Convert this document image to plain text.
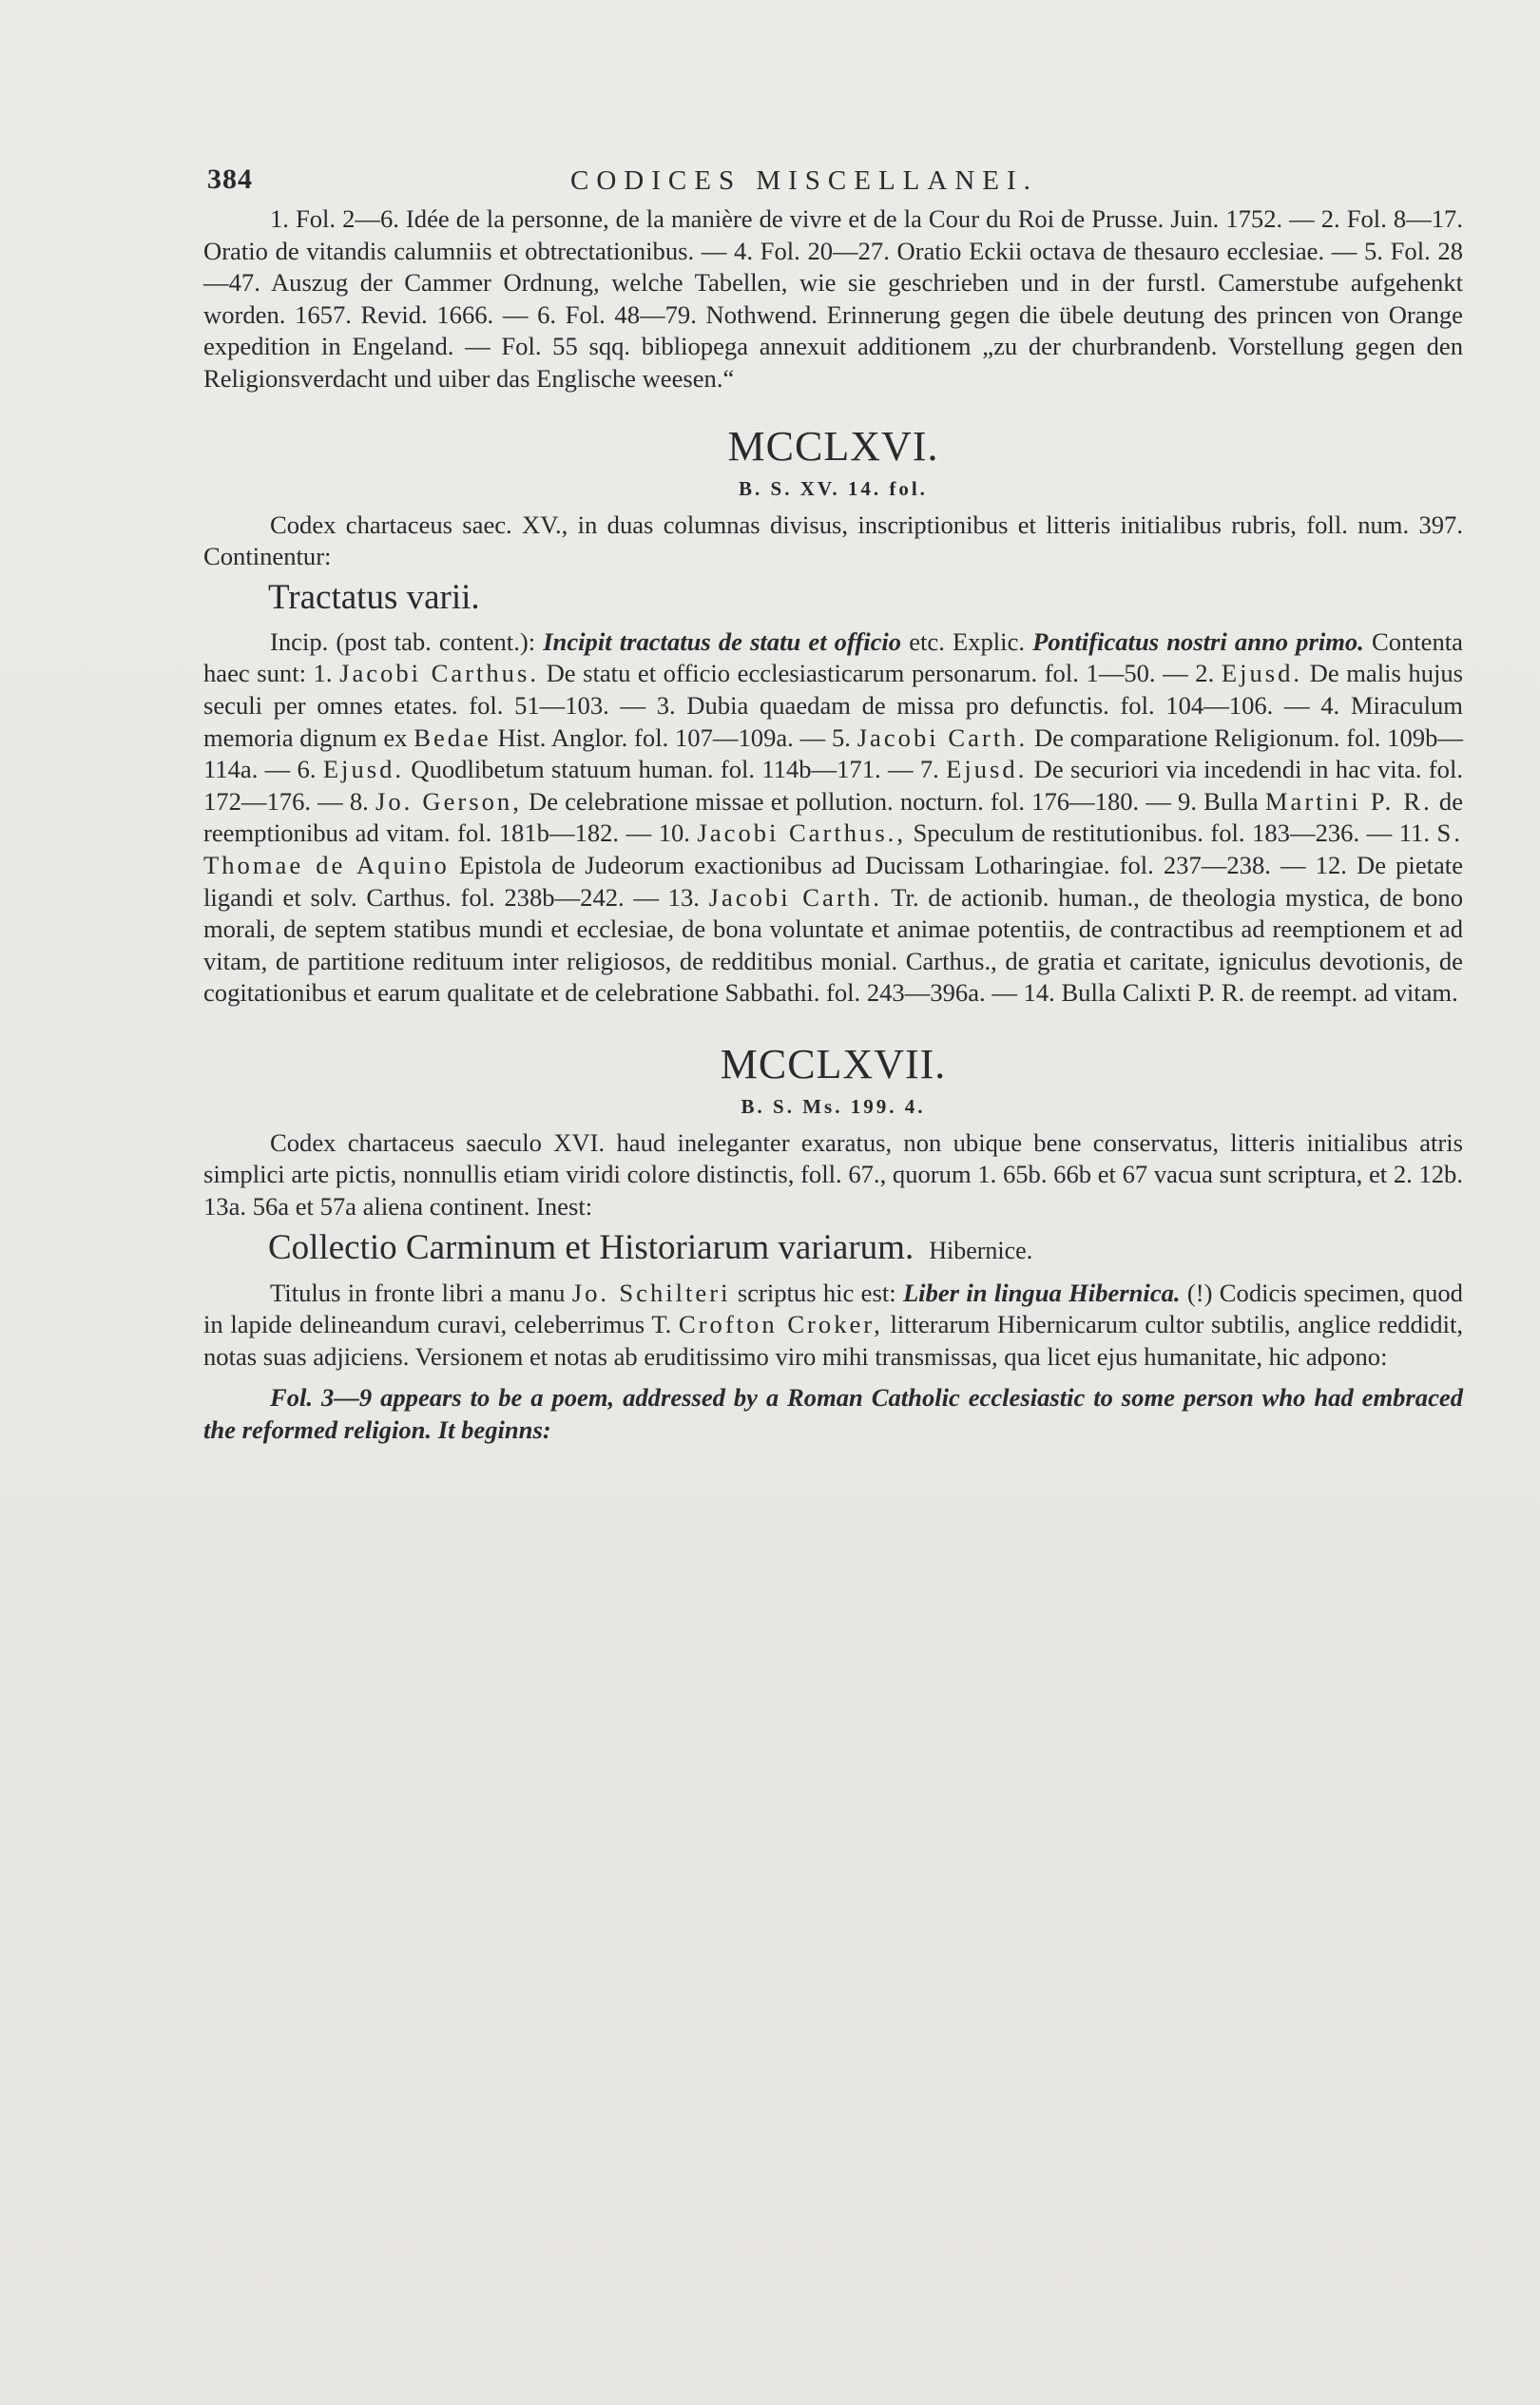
384	CODICES MISCELLANEI.

1. Fol. 2—6. Idée de la personne, de la manière de vivre et de la Cour du Roi de Prusse. Juin. 1752. — 2. Fol. 8—17. Oratio de vitandis calumniis et obtrectationibus. — 4. Fol. 20—27. Oratio Eckii octava de thesauro ecclesiae. — 5. Fol. 28—47. Auszug der Cammer Ordnung, welche Tabellen, wie sie geschrieben und in der furstl. Camerstube aufgehenkt worden. 1657. Revid. 1666. — 6. Fol. 48—79. Nothwend. Erinnerung gegen die übele deutung des princen von Orange expedition in Engeland. — Fol. 55 sqq. bibliopega annexuit additionem „zu der churbrandenb. Vorstellung gegen den Religionsverdacht und uiber das Englische weesen.“

MCCLXVI.
B. S. XV. 14. fol.

Codex chartaceus saec. XV., in duas columnas divisus, inscriptionibus et litteris initialibus rubris, foll. num. 397. Continentur:

Tractatus varii.

Incip. (post tab. content.): Incipit tractatus de statu et officio etc. Explic. Pontificatus nostri anno primo. Contenta haec sunt: 1. Jacobi Carthus. De statu et officio ecclesiasticarum personarum. fol. 1—50. — 2. Ejusd. De malis hujus seculi per omnes etates. fol. 51—103. — 3. Dubia quaedam de missa pro defunctis. fol. 104—106. — 4. Miraculum memoria dignum ex Bedae Hist. Anglor. fol. 107—109a. — 5. Jacobi Carth. De comparatione Religionum. fol. 109b—114a. — 6. Ejusd. Quodlibetum statuum human. fol. 114b—171. — 7. Ejusd. De securiori via incedendi in hac vita. fol. 172—176. — 8. Jo. Gerson, De celebratione missae et pollution. nocturn. fol. 176—180. — 9. Bulla Martini P. R. de reemptionibus ad vitam. fol. 181b—182. — 10. Jacobi Carthus., Speculum de restitutionibus. fol. 183—236. — 11. S. Thomae de Aquino Epistola de Judeorum exactionibus ad Ducissam Lotharingiae. fol. 237—238. — 12. De pietate ligandi et solv. Carthus. fol. 238b—242. — 13. Jacobi Carth. Tr. de actionib. human., de theologia mystica, de bono morali, de septem statibus mundi et ecclesiae, de bona voluntate et animae potentiis, de contractibus ad reemptionem et ad vitam, de partitione redituum inter religiosos, de redditibus monial. Carthus., de gratia et caritate, igniculus devotionis, de cogitationibus et earum qualitate et de celebratione Sabbathi. fol. 243—396a. — 14. Bulla Calixti P. R. de reempt. ad vitam.

MCCLXVII.
B. S. Ms. 199. 4.

Codex chartaceus saeculo XVI. haud ineleganter exaratus, non ubique bene conservatus, litteris initialibus atris simplici arte pictis, nonnullis etiam viridi colore distinctis, foll. 67., quorum 1. 65b. 66b et 67 vacua sunt scriptura, et 2. 12b. 13a. 56a et 57a aliena continent. Inest:

Collectio Carminum et Historiarum variarum. Hibernice.

Titulus in fronte libri a manu Jo. Schilteri scriptus hic est: Liber in lingua Hibernica. (!) Codicis specimen, quod in lapide delineandum curavi, celeberrimus T. Crofton Croker, litterarum Hibernicarum cultor subtilis, anglice reddidit, notas suas adjiciens. Versionem et notas ab eruditissimo viro mihi transmissas, qua licet ejus humanitate, hic adpono:

Fol. 3—9 appears to be a poem, addressed by a Roman Catholic ecclesiastic to some person who had embraced the reformed religion. It beginns:
